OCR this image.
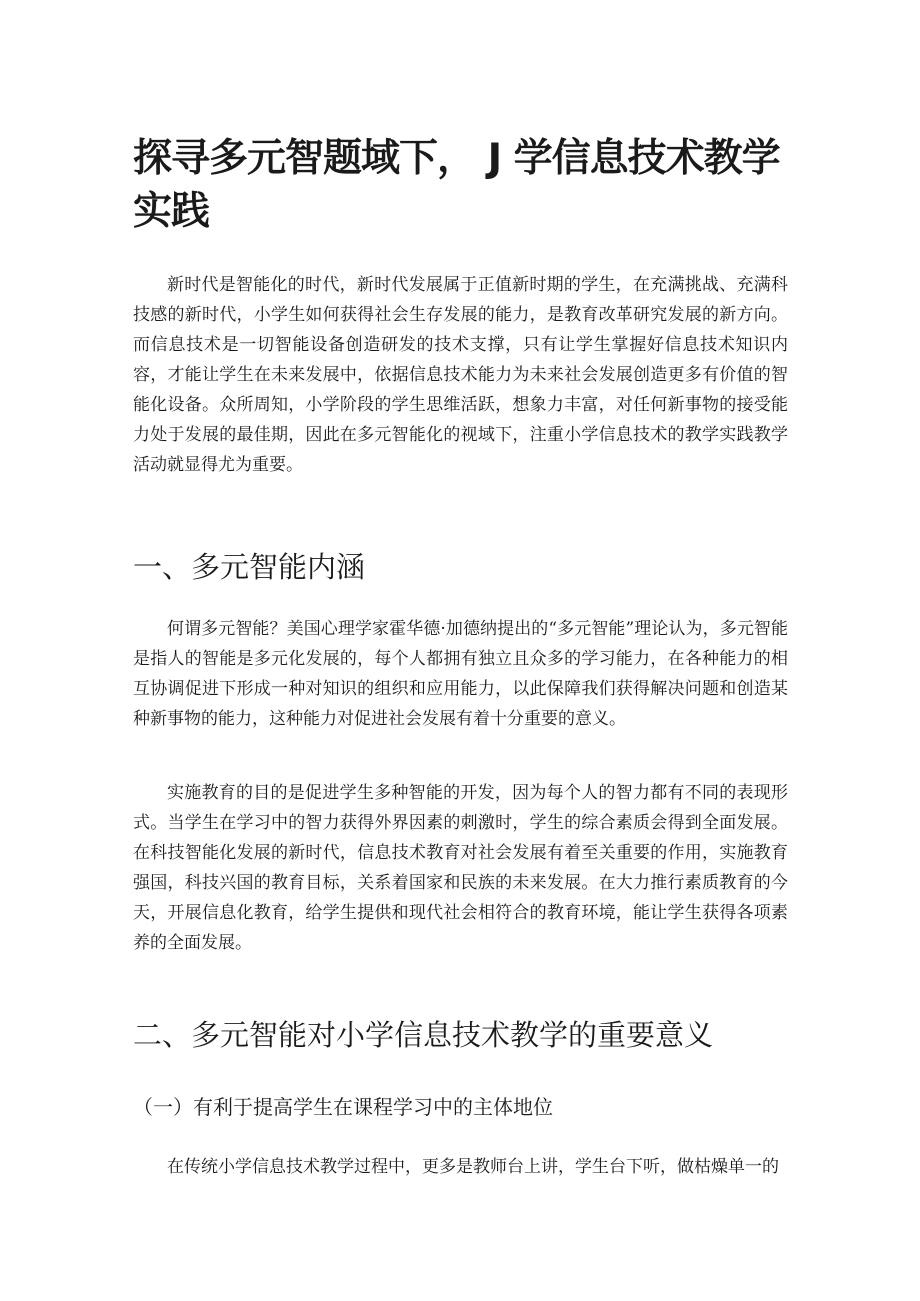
探寻多元智题域下， J 学信息技术教学实践

新时代是智能化的时代，新时代发展属于正值新时期的学生，在充满挑战、充满科技感的新时代，小学生如何获得社会生存发展的能力，是教育改革研究发展的新方向。而信息技术是一切智能设备创造研发的技术支撑，只有让学生掌握好信息技术知识内容，才能让学生在未来发展中，依据信息技术能力为未来社会发展创造更多有价值的智能化设备。众所周知，小学阶段的学生思维活跃，想象力丰富，对任何新事物的接受能力处于发展的最佳期，因此在多元智能化的视域下，注重小学信息技术的教学实践教学活动就显得尤为重要。

一、多元智能内涵

何谓多元智能？美国心理学家霍华德·加德纳提出的“多元智能”理论认为，多元智能是指人的智能是多元化发展的，每个人都拥有独立且众多的学习能力，在各种能力的相互协调促进下形成一种对知识的组织和应用能力，以此保障我们获得解决问题和创造某种新事物的能力，这种能力对促进社会发展有着十分重要的意义。

实施教育的目的是促进学生多种智能的开发，因为每个人的智力都有不同的表现形式。当学生在学习中的智力获得外界因素的刺激时，学生的综合素质会得到全面发展。在科技智能化发展的新时代，信息技术教育对社会发展有着至关重要的作用，实施教育强国，科技兴国的教育目标，关系着国家和民族的未来发展。在大力推行素质教育的今天，开展信息化教育，给学生提供和现代社会相符合的教育环境，能让学生获得各项素养的全面发展。

二、多元智能对小学信息技术教学的重要意义
（一）有利于提高学生在课程学习中的主体地位

在传统小学信息技术教学过程中，更多是教师台上讲，学生台下听，做枯燥单一的
